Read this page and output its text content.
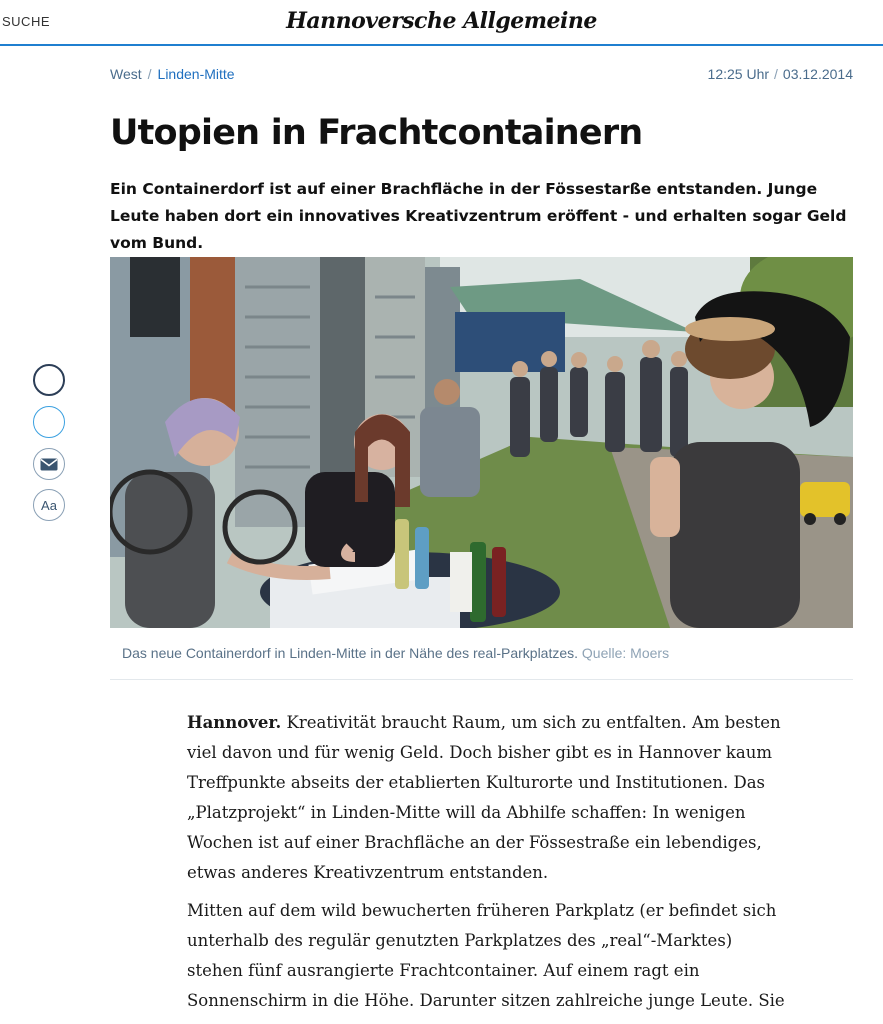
SUCHE	Hannoversche Allgemeine
West / Linden-Mitte	12:25 Uhr / 03.12.2014
Utopien in Frachtcontainern
Ein Containerdorf ist auf einer Brachfläche in der Fössestarße entstanden. Junge Leute haben dort ein innovatives Kreativzentrum eröffent - und erhalten sogar Geld vom Bund.
Aa
Das neue Containerdorf in Linden-Mitte in der Nähe des real-Parkplatzes. Quelle: Moers

Hannover. Kreativität braucht Raum, um sich zu entfalten. Am besten viel davon und für wenig Geld. Doch bisher gibt es in Hannover kaum Treffpunkte abseits der etablierten Kulturorte und Institutionen. Das „Platzprojekt“ in Linden-Mitte will da Abhilfe schaffen: In wenigen Wochen ist auf einer Brachfläche an der Fössestraße ein lebendiges, etwas anderes Kreativzentrum entstanden.

Mitten auf dem wild bewucherten früheren Parkplatz (er befindet sich unterhalb des regulär genutzten Parkplatzes des „real“-Marktes) stehen fünf ausrangierte Frachtcontainer. Auf einem ragt ein Sonnenschirm in die Höhe. Darunter sitzen zahlreiche junge Leute. Sie
